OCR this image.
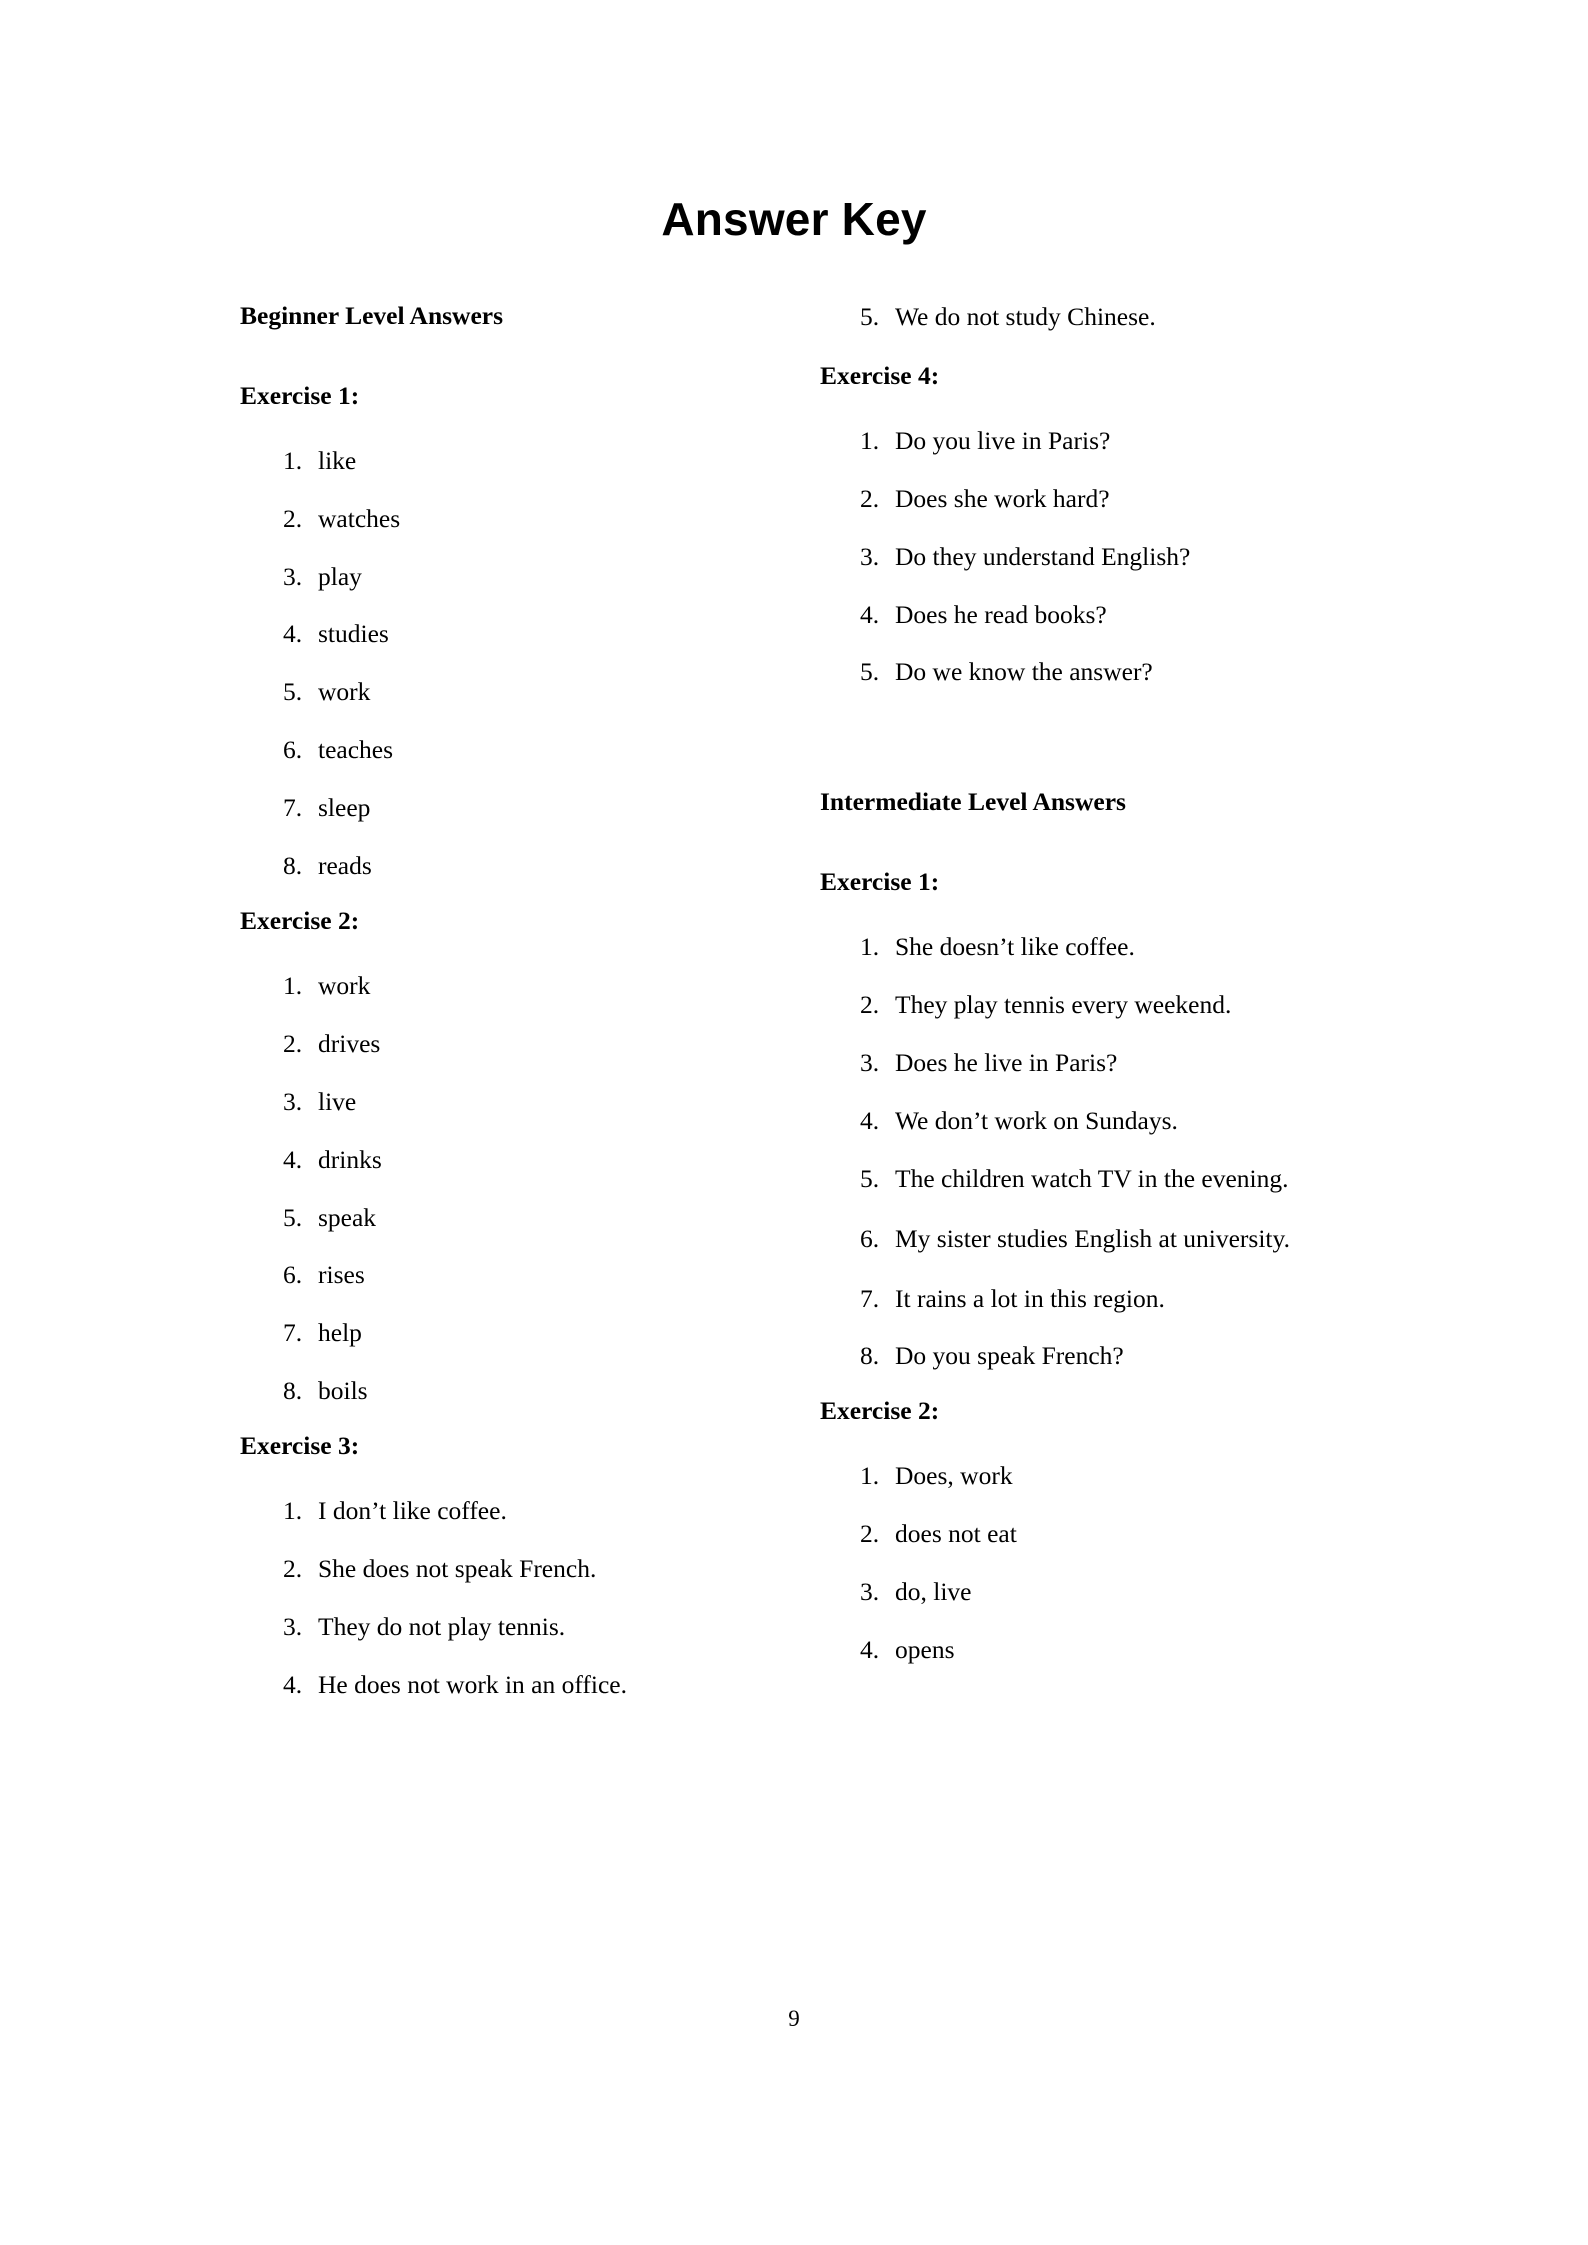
Answer Key
Beginner Level Answers
Exercise 1:
1. like
2. watches
3. play
4. studies
5. work
6. teaches
7. sleep
8. reads
Exercise 2:
1. work
2. drives
3. live
4. drinks
5. speak
6. rises
7. help
8. boils
Exercise 3:
1. I don’t like coffee.
2. She does not speak French.
3. They do not play tennis.
4. He does not work in an office.
5. We do not study Chinese.
Exercise 4:
1. Do you live in Paris?
2. Does she work hard?
3. Do they understand English?
4. Does he read books?
5. Do we know the answer?
Intermediate Level Answers
Exercise 1:
1. She doesn’t like coffee.
2. They play tennis every weekend.
3. Does he live in Paris?
4. We don’t work on Sundays.
5. The children watch TV in the evening.
6. My sister studies English at university.
7. It rains a lot in this region.
8. Do you speak French?
Exercise 2:
1. Does, work
2. does not eat
3. do, live
4. opens
9
